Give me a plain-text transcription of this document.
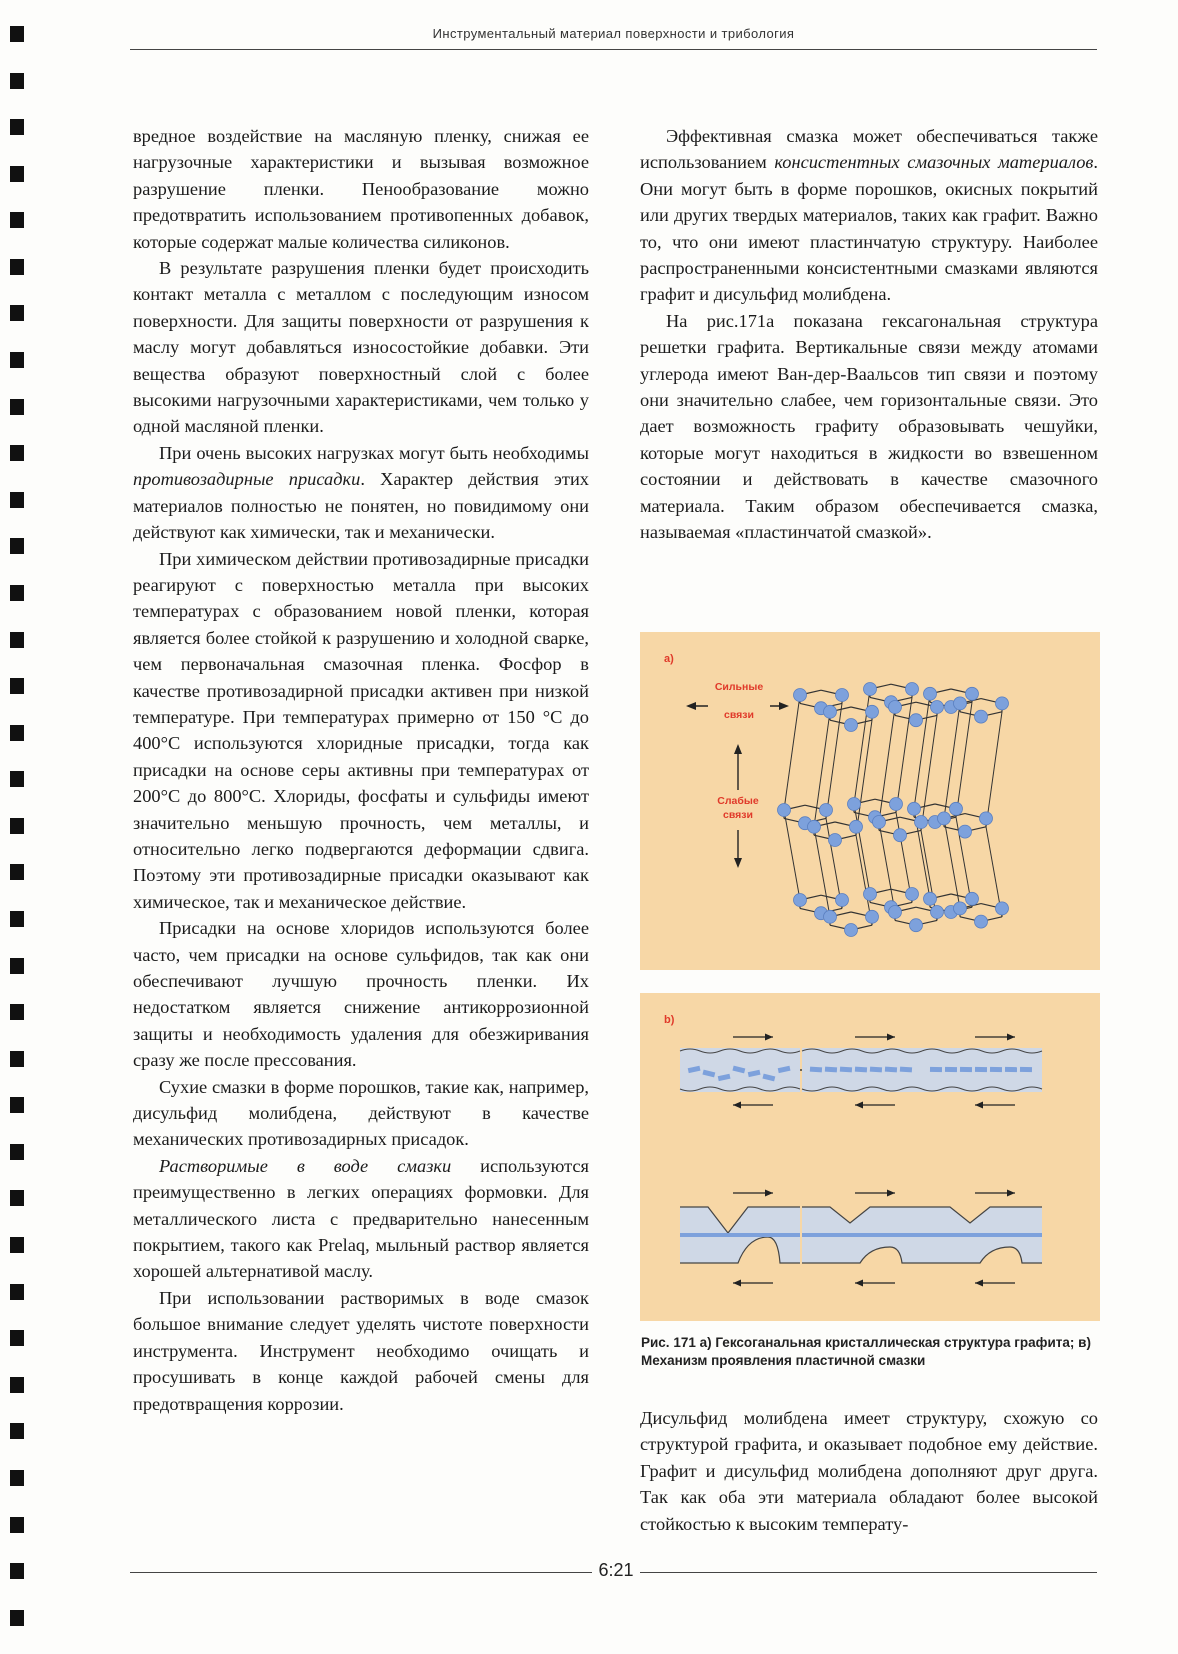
Инструментальный материал поверхности и трибология

вредное воздействие на масляную пленку, снижая ее нагрузочные характеристики и вызывая возможное разрушение пленки. Пенообразование можно предотвратить использованием противопенных добавок, которые содержат малые количества силиконов.

В результате разрушения пленки будет происходить контакт металла с металлом с последующим износом поверхности. Для защиты поверхности от разрушения к маслу могут добавляться износостойкие добавки. Эти вещества образуют поверхностный слой с более высокими нагрузочными характеристиками, чем только у одной масляной пленки.

При очень высоких нагрузках могут быть необходимы противозадирные присадки. Характер действия этих материалов полностью не понятен, но повидимому они действуют как химически, так и механически.

При химическом действии противозадирные присадки реагируют с поверхностью металла при высоких температурах с образованием новой пленки, которая является более стойкой к разрушению и холодной сварке, чем первоначальная смазочная пленка. Фосфор в качестве противозадирной присадки активен при низкой температуре. При температурах примерно от 150 °C до 400°C используются хлоридные присадки, тогда как присадки на основе серы активны при температурах от 200°C до 800°C. Хлориды, фосфаты и сульфиды имеют значительно меньшую прочность, чем металлы, и относительно легко подвергаются деформации сдвига. Поэтому эти противозадирные присадки оказывают как химическое, так и механическое действие.

Присадки на основе хлоридов используются более часто, чем присадки на основе сульфидов, так как они обеспечивают лучшую прочность пленки. Их недостатком является снижение антикоррозионной защиты и необходимость удаления для обезжиривания сразу же после прессования.

Сухие смазки в форме порошков, такие как, например, дисульфид молибдена, действуют в качестве механических противозадирных присадок.

Растворимые в воде смазки используются преимущественно в легких операциях формовки. Для металлического листа с предварительно нанесенным покрытием, такого как Prelaq, мыльный раствор является хорошей альтернативой маслу.

При использовании растворимых в воде смазок большое внимание следует уделять чистоте поверхности инструмента. Инструмент необходимо очищать и просушивать в конце каждой рабочей смены для предотвращения коррозии.

Эффективная смазка может обеспечиваться также использованием консистентных смазочных материалов. Они могут быть в форме порошков, окисных покрытий или других твердых материалов, таких как графит. Важно то, что они имеют пластинчатую структуру. Наиболее распространенными консистентными смазками являются графит и дисульфид молибдена.

На рис.171а показана гексагональная структура решетки графита. Вертикальные связи между атомами углерода имеют Ван-дер-Ваальсов тип связи и поэтому они значительно слабее, чем горизонтальные связи. Это дает возможность графиту образовывать чешуйки, которые могут находиться в жидкости во взвешенном состоянии и действовать в качестве смазочного материала. Таким образом обеспечивается смазка, называемая «пластинчатой смазкой».

a)
Сильные
связи
Слабые
связи
b)
Рис. 171 а) Гексоганальная кристаллическая структура графита; в) Механизм проявления пластичной смазки

Дисульфид молибдена имеет структуру, схожую со структурой графита, и оказывает подобное ему действие. Графит и дисульфид молибдена дополняют друг друга. Так как оба эти материала обладают более высокой стойкостью к высоким температу-

6:21
